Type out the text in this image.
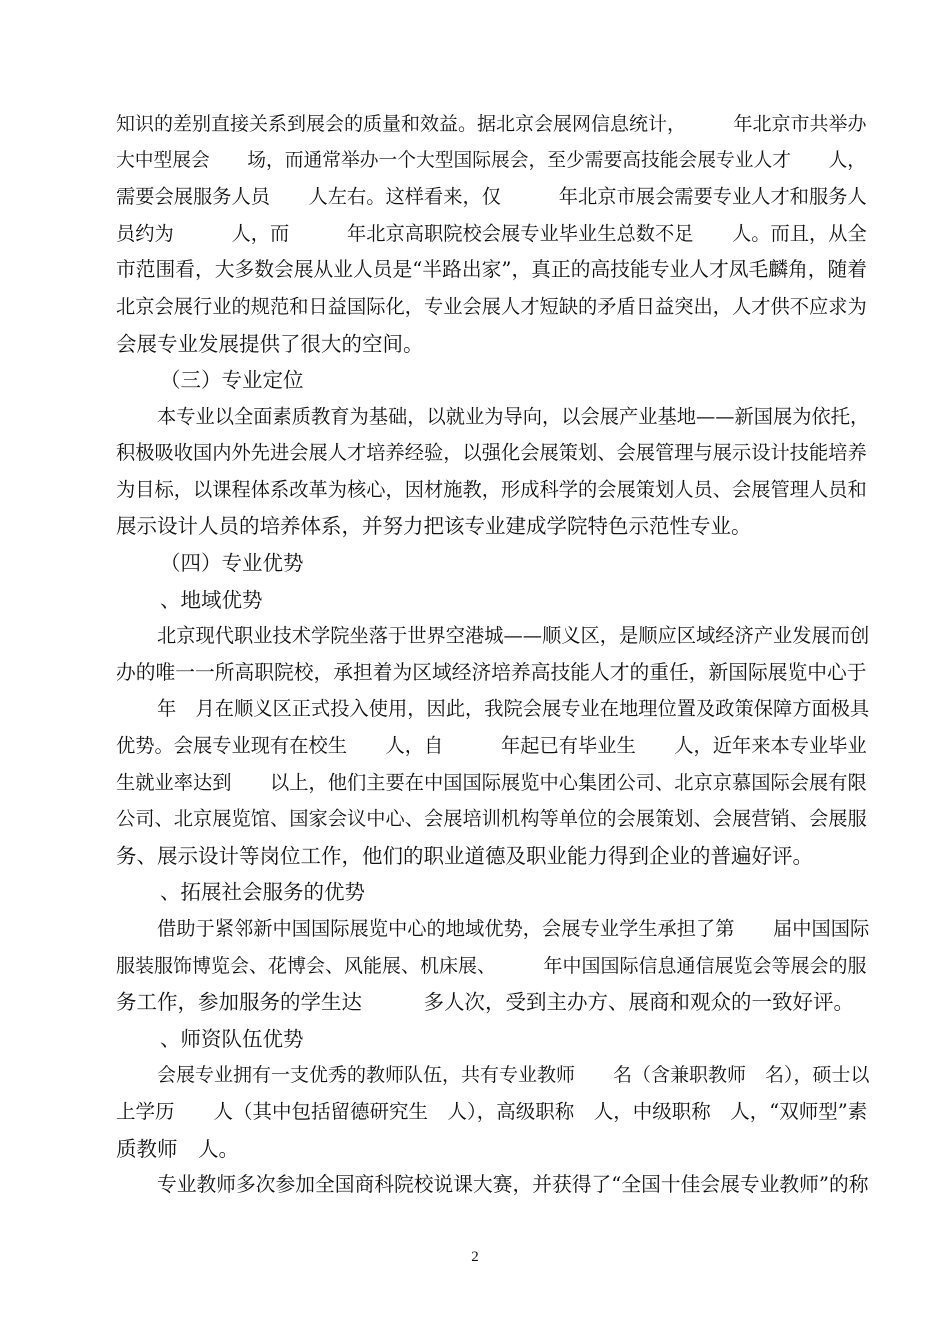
知识的差别直接关系到展会的质量和效益。据北京会展网信息统计，　　　年北京市共举办

大中型展会　　场，而通常举办一个大型国际展会，至少需要高技能会展专业人才　　人，

需要会展服务人员　　人左右。这样看来，仅　　　年北京市展会需要专业人才和服务人

员约为　　　人，而　　　年北京高职院校会展专业毕业生总数不足　　人。而且，从全

市范围看，大多数会展从业人员是“半路出家”，真正的高技能专业人才凤毛麟角，随着

北京会展行业的规范和日益国际化，专业会展人才短缺的矛盾日益突出，人才供不应求为

会展专业发展提供了很大的空间。

（三）专业定位

本专业以全面素质教育为基础，以就业为导向，以会展产业基地——新国展为依托，

积极吸收国内外先进会展人才培养经验，以强化会展策划、会展管理与展示设计技能培养

为目标，以课程体系改革为核心，因材施教，形成科学的会展策划人员、会展管理人员和

展示设计人员的培养体系，并努力把该专业建成学院特色示范性专业。

（四）专业优势

、地域优势

北京现代职业技术学院坐落于世界空港城——顺义区，是顺应区域经济产业发展而创

办的唯一一所高职院校，承担着为区域经济培养高技能人才的重任，新国际展览中心于

年　月在顺义区正式投入使用，因此，我院会展专业在地理位置及政策保障方面极具

优势。会展专业现有在校生　　人，自　　　年起已有毕业生　　人，近年来本专业毕业

生就业率达到　　以上，他们主要在中国国际展览中心集团公司、北京京慕国际会展有限

公司、北京展览馆、国家会议中心、会展培训机构等单位的会展策划、会展营销、会展服

务、展示设计等岗位工作，他们的职业道德及职业能力得到企业的普遍好评。

、拓展社会服务的优势

借助于紧邻新中国国际展览中心的地域优势，会展专业学生承担了第　　届中国国际

服装服饰博览会、花博会、风能展、机床展、　　　年中国国际信息通信展览会等展会的服

务工作，参加服务的学生达　　　多人次，受到主办方、展商和观众的一致好评。

、师资队伍优势

会展专业拥有一支优秀的教师队伍，共有专业教师　　名（含兼职教师　名），硕士以

上学历　　人（其中包括留德研究生　人），高级职称　人，中级职称　人，“双师型”素

质教师　人。

专业教师多次参加全国商科院校说课大赛，并获得了“全国十佳会展专业教师”的称

2
